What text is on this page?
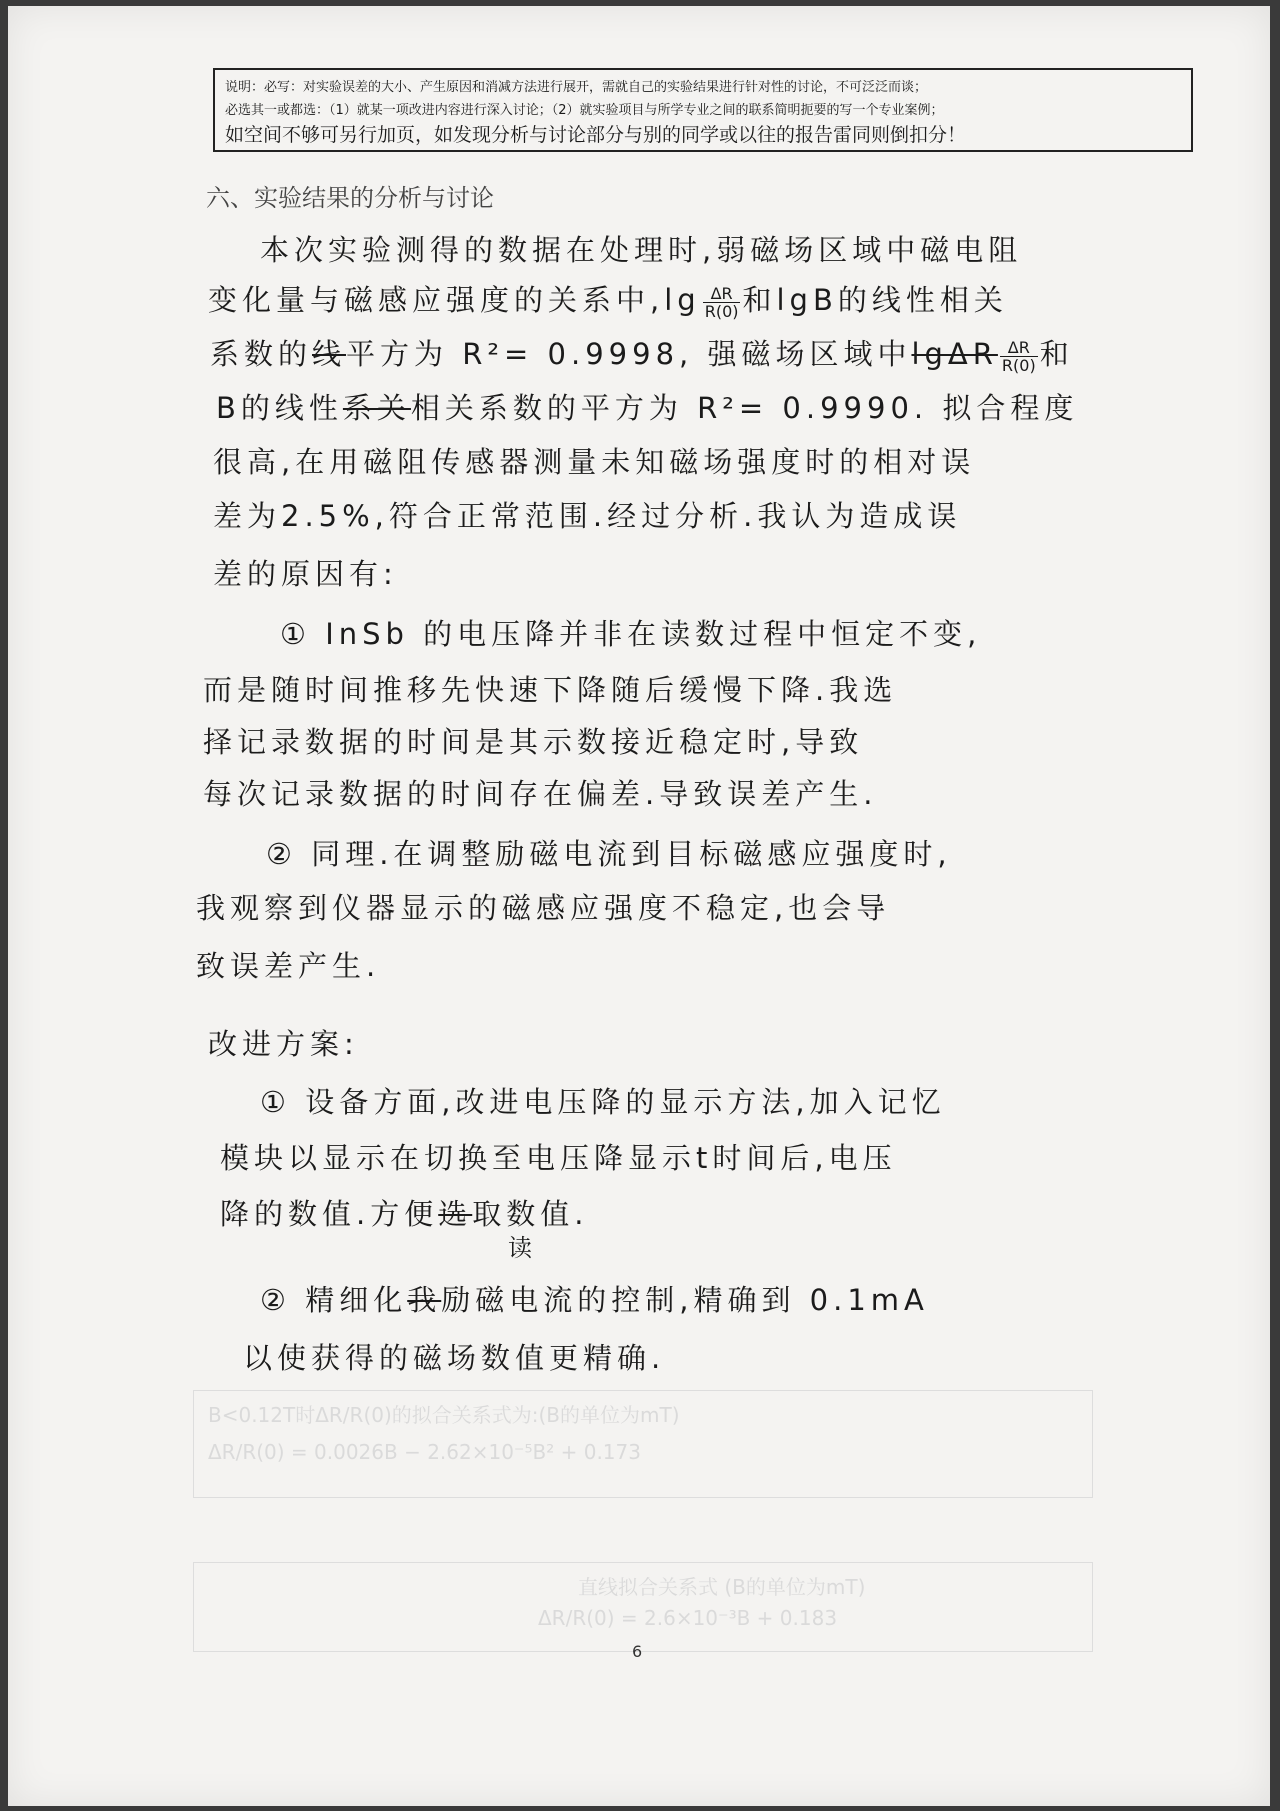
说明：必写：对实验误差的大小、产生原因和消减方法进行展开，需就自己的实验结果进行针对性的讨论，不可泛泛而谈；
必选其一或都选：（1）就某一项改进内容进行深入讨论；（2）就实验项目与所学专业之间的联系简明扼要的写一个专业案例；
如空间不够可另行加页，如发现分析与讨论部分与别的同学或以往的报告雷同则倒扣分！
六、实验结果的分析与讨论
本次实验测得的数据在处理时,弱磁场区域中磁电阻
变化量与磁感应强度的关系中$,\lg \frac{\Delta R}{R(0)}$ 和lgB的线性相关
系数的线平方为 R²= 0.9998, 强磁场区域中lgΔR $\frac{\Delta R}{R(0)}$ 和
B的线性系关相关系数的平方为 R²= 0.9990. 拟合程度
很高,在用磁阻传感器测量未知磁场强度时的相对误
差为2.5%,符合正常范围.经过分析.我认为造成误
差的原因有:
① InSb 的电压降并非在读数过程中恒定不变,
而是随时间推移先快速下降随后缓慢下降.我选
择记录数据的时间是其示数接近稳定时,导致
每次记录数据的时间存在偏差.导致误差产生.
② 同理.在调整励磁电流到目标磁感应强度时,
我观察到仪器显示的磁感应强度不稳定,也会导
致误差产生.
改进方案:
① 设备方面,改进电压降的显示方法,加入记忆
模块以显示在切换至电压降显示t时间后,电压
降的数值.方便选取数值.
读
② 精细化我励磁电流的控制,精确到 0.1mA
以使获得的磁场数值更精确.
B<0.12T时ΔR/R(0)的拟合关系式为:(B的单位为mT)
ΔR/R(0) = 0.0026B − 2.62×10⁻⁵B² + 0.173
直线拟合关系式 (B的单位为mT)
ΔR/R(0) = 2.6×10⁻³B + 0.183
6
